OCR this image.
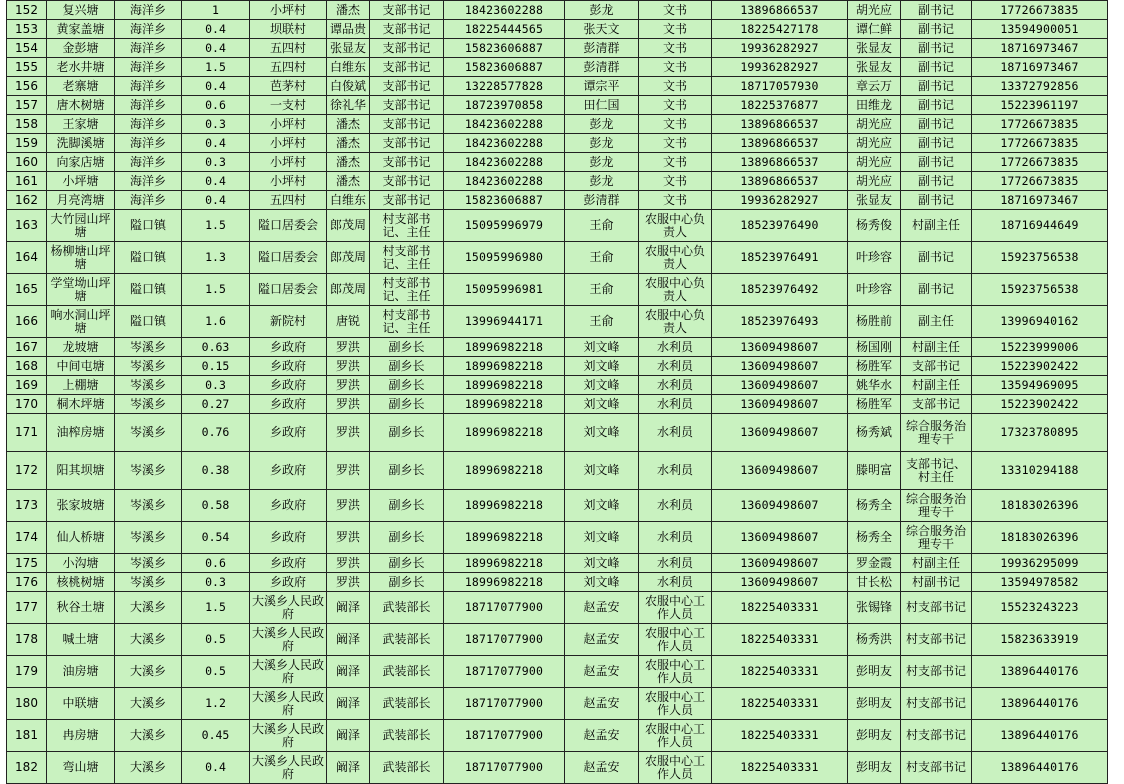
152	复兴塘	海洋乡	1	小坪村	潘杰	支部书记	18423602288	彭龙	文书	13896866537	胡光应	副书记	17726673835
153	黄家盖塘	海洋乡	0.4	坝联村	谭品贵	支部书记	18225444565	张天文	文书	18225427178	谭仁鲜	副书记	13594900051
154	金彭塘	海洋乡	0.4	五四村	张显友	支部书记	15823606887	彭清群	文书	19936282927	张显友	副书记	18716973467
155	老水井塘	海洋乡	1.5	五四村	白维东	支部书记	15823606887	彭清群	文书	19936282927	张显友	副书记	18716973467
156	老寨塘	海洋乡	0.4	芭茅村	白俊斌	支部书记	13228577828	谭宗平	文书	18717057930	章云万	副书记	13372792856
157	唐木树塘	海洋乡	0.6	一支村	徐礼华	支部书记	18723970858	田仁国	文书	18225376877	田维龙	副书记	15223961197
158	王家塘	海洋乡	0.3	小坪村	潘杰	支部书记	18423602288	彭龙	文书	13896866537	胡光应	副书记	17726673835
159	洗脚溪塘	海洋乡	0.4	小坪村	潘杰	支部书记	18423602288	彭龙	文书	13896866537	胡光应	副书记	17726673835
160	向家店塘	海洋乡	0.3	小坪村	潘杰	支部书记	18423602288	彭龙	文书	13896866537	胡光应	副书记	17726673835
161	小坪塘	海洋乡	0.4	小坪村	潘杰	支部书记	18423602288	彭龙	文书	13896866537	胡光应	副书记	17726673835
162	月亮湾塘	海洋乡	0.4	五四村	白维东	支部书记	15823606887	彭清群	文书	19936282927	张显友	副书记	18716973467
163	大竹园山坪塘	隘口镇	1.5	隘口居委会	郎茂周	村支部书记、主任	15095996979	王俞	农服中心负责人	18523976490	杨秀俊	村副主任	18716944649
164	杨柳塘山坪塘	隘口镇	1.3	隘口居委会	郎茂周	村支部书记、主任	15095996980	王俞	农服中心负责人	18523976491	叶珍容	副书记	15923756538
165	学堂坳山坪塘	隘口镇	1.5	隘口居委会	郎茂周	村支部书记、主任	15095996981	王俞	农服中心负责人	18523976492	叶珍容	副书记	15923756538
166	响水洞山坪塘	隘口镇	1.6	新院村	唐锐	村支部书记、主任	13996944171	王俞	农服中心负责人	18523976493	杨胜前	副主任	13996940162
167	龙坡塘	岑溪乡	0.63	乡政府	罗洪	副乡长	18996982218	刘文峰	水利员	13609498607	杨国刚	村副主任	15223999006
168	中间屯塘	岑溪乡	0.15	乡政府	罗洪	副乡长	18996982218	刘文峰	水利员	13609498607	杨胜军	支部书记	15223902422
169	上棚塘	岑溪乡	0.3	乡政府	罗洪	副乡长	18996982218	刘文峰	水利员	13609498607	姚华水	村副主任	13594969095
170	桐木坪塘	岑溪乡	0.27	乡政府	罗洪	副乡长	18996982218	刘文峰	水利员	13609498607	杨胜军	支部书记	15223902422
171	油榨房塘	岑溪乡	0.76	乡政府	罗洪	副乡长	18996982218	刘文峰	水利员	13609498607	杨秀斌	综合服务治理专干	17323780895
172	阳其坝塘	岑溪乡	0.38	乡政府	罗洪	副乡长	18996982218	刘文峰	水利员	13609498607	滕明富	支部书记、村主任	13310294188
173	张家坡塘	岑溪乡	0.58	乡政府	罗洪	副乡长	18996982218	刘文峰	水利员	13609498607	杨秀全	综合服务治理专干	18183026396
174	仙人桥塘	岑溪乡	0.54	乡政府	罗洪	副乡长	18996982218	刘文峰	水利员	13609498607	杨秀全	综合服务治理专干	18183026396
175	小沟塘	岑溪乡	0.6	乡政府	罗洪	副乡长	18996982218	刘文峰	水利员	13609498607	罗金霞	村副主任	19936295099
176	核桃树塘	岑溪乡	0.3	乡政府	罗洪	副乡长	18996982218	刘文峰	水利员	13609498607	甘长松	村副书记	13594978582
177	秋谷土塘	大溪乡	1.5	大溪乡人民政府	阚泽	武装部长	18717077900	赵孟安	农服中心工作人员	18225403331	张锡锋	村支部书记	15523243223
178	喊土塘	大溪乡	0.5	大溪乡人民政府	阚泽	武装部长	18717077900	赵孟安	农服中心工作人员	18225403331	杨秀洪	村支部书记	15823633919
179	油房塘	大溪乡	0.5	大溪乡人民政府	阚泽	武装部长	18717077900	赵孟安	农服中心工作人员	18225403331	彭明友	村支部书记	13896440176
180	中联塘	大溪乡	1.2	大溪乡人民政府	阚泽	武装部长	18717077900	赵孟安	农服中心工作人员	18225403331	彭明友	村支部书记	13896440176
181	冉房塘	大溪乡	0.45	大溪乡人民政府	阚泽	武装部长	18717077900	赵孟安	农服中心工作人员	18225403331	彭明友	村支部书记	13896440176
182	弯山塘	大溪乡	0.4	大溪乡人民政府	阚泽	武装部长	18717077900	赵孟安	农服中心工作人员	18225403331	彭明友	村支部书记	13896440176
